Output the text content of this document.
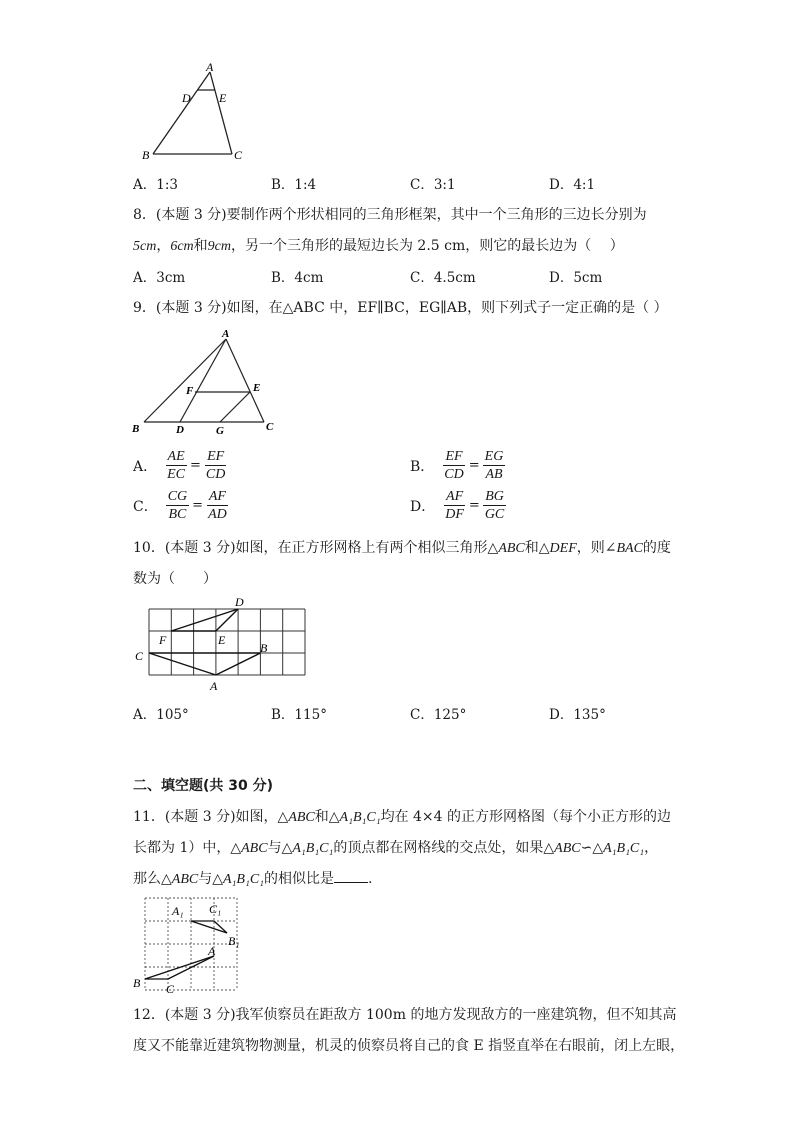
A
D E
B	C
A．1:3	B．1:4	C．3:1	D．4:1
8．(本题 3 分)要制作两个形状相同的三角形框架，其中一个三角形的三边长分别为
5cm，6cm和9cm，另一个三角形的最短边长为 2.5 cm，则它的最长边为（　 ）
A．3cm	B．4cm	C．4.5cm	D．5cm
9．(本题 3 分)如图，在△ABC 中，EF∥BC，EG∥AB，则下列式子一定正确的是（ ）
A
F	E
B	D	G	C
A． $\frac{AE}{EC} = \frac{EF}{CD}$	B． $\frac{EF}{CD} = \frac{EG}{AB}$
C． $\frac{CG}{BC} = \frac{AF}{AD}$	D． $\frac{AF}{DF} = \frac{BG}{GC}$
10．(本题 3 分)如图，在正方形网格上有两个相似三角形△ABC和△DEF，则∠BAC的度
数为（　　）
D
F	E
C
B
A
A．105°	B．115°	C．125°	D．135°
二、填空题(共 30 分)
11．(本题 3 分)如图，△ABC和△A₁B₁C₁均在 4×4 的正方形网格图（每个小正方形的边
长都为 1）中，△ABC与△A₁B₁C₁的顶点都在网格线的交点处，如果△ABC∽△A₁B₁C₁，
那么△ABC与△A₁B₁C₁的相似比是 .
A₁ C₁
B₁
A
B C
12．(本题 3 分)我军侦察员在距敌方 100m 的地方发现敌方的一座建筑物，但不知其高
度又不能靠近建筑物物测量，机灵的侦察员将自己的食 E 指竖直举在右眼前，闭上左眼，
